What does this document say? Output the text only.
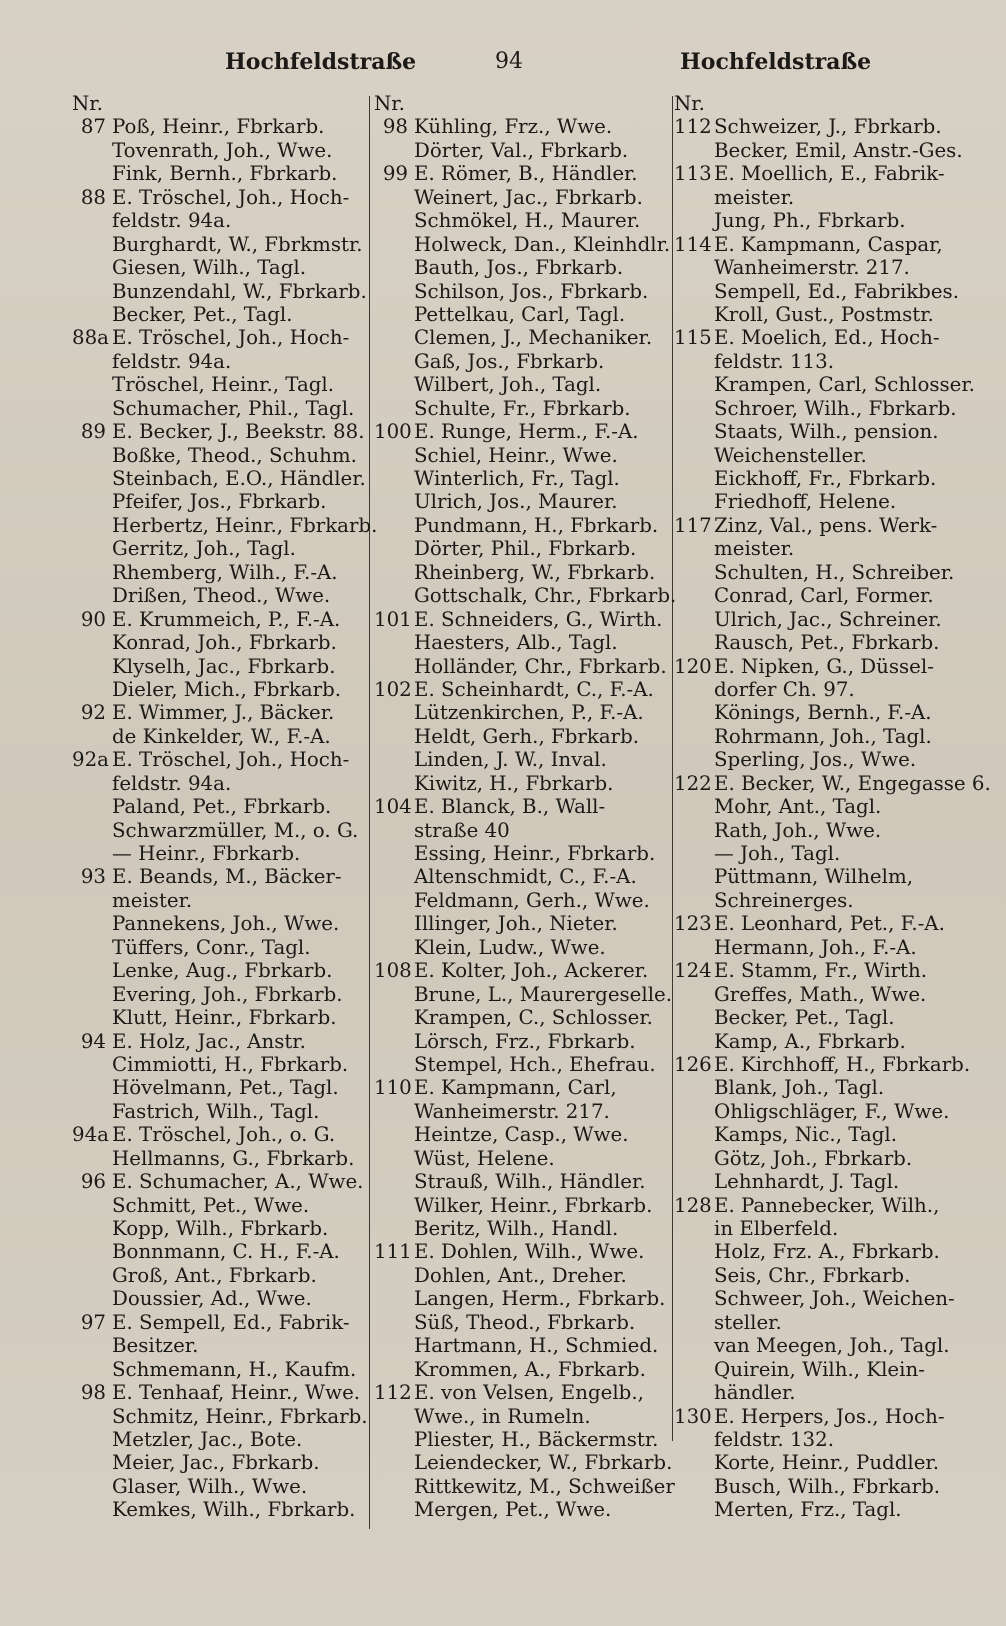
Hochfeldstraße	94	Hochfeldstraße
Nr.
87 Poß, Heinr., Fbrkarb.
Tovenrath, Joh., Wwe.
Fink, Bernh., Fbrkarb.
88 E. Tröschel, Joh., Hoch-
feldstr. 94a.
Burghardt, W., Fbrkmstr.
Giesen, Wilh., Tagl.
Bunzendahl, W., Fbrkarb.
Becker, Pet., Tagl.
88a E. Tröschel, Joh., Hoch-
feldstr. 94a.
Tröschel, Heinr., Tagl.
Schumacher, Phil., Tagl.
89 E. Becker, J., Beekstr. 88.
Boßke, Theod., Schuhm.
Steinbach, E.O., Händler.
Pfeifer, Jos., Fbrkarb.
Herbertz, Heinr., Fbrkarb.
Gerritz, Joh., Tagl.
Rhemberg, Wilh., F.-A.
Drißen, Theod., Wwe.
90 E. Krummeich, P., F.-A.
Konrad, Joh., Fbrkarb.
Klyselh, Jac., Fbrkarb.
Dieler, Mich., Fbrkarb.
92 E. Wimmer, J., Bäcker.
de Kinkelder, W., F.-A.
92a E. Tröschel, Joh., Hoch-
feldstr. 94a.
Paland, Pet., Fbrkarb.
Schwarzmüller, M., o. G.
— Heinr., Fbrkarb.
93 E. Beands, M., Bäcker-
meister.
Pannekens, Joh., Wwe.
Tüffers, Conr., Tagl.
Lenke, Aug., Fbrkarb.
Evering, Joh., Fbrkarb.
Klutt, Heinr., Fbrkarb.
94 E. Holz, Jac., Anstr.
Cimmiotti, H., Fbrkarb.
Hövelmann, Pet., Tagl.
Fastrich, Wilh., Tagl.
94a E. Tröschel, Joh., o. G.
Hellmanns, G., Fbrkarb.
96 E. Schumacher, A., Wwe.
Schmitt, Pet., Wwe.
Kopp, Wilh., Fbrkarb.
Bonnmann, C. H., F.-A.
Groß, Ant., Fbrkarb.
Doussier, Ad., Wwe.
97 E. Sempell, Ed., Fabrik-
Besitzer.
Schmemann, H., Kaufm.
98 E. Tenhaaf, Heinr., Wwe.
Schmitz, Heinr., Fbrkarb.
Metzler, Jac., Bote.
Meier, Jac., Fbrkarb.
Glaser, Wilh., Wwe.
Kemkes, Wilh., Fbrkarb.
Nr.
98 Kühling, Frz., Wwe.
Dörter, Val., Fbrkarb.
99 E. Römer, B., Händler.
Weinert, Jac., Fbrkarb.
Schmökel, H., Maurer.
Holweck, Dan., Kleinhdlr.
Bauth, Jos., Fbrkarb.
Schilson, Jos., Fbrkarb.
Pettelkau, Carl, Tagl.
Clemen, J., Mechaniker.
Gaß, Jos., Fbrkarb.
Wilbert, Joh., Tagl.
Schulte, Fr., Fbrkarb.
100 E. Runge, Herm., F.-A.
Schiel, Heinr., Wwe.
Winterlich, Fr., Tagl.
Ulrich, Jos., Maurer.
Pundmann, H., Fbrkarb.
Dörter, Phil., Fbrkarb.
Rheinberg, W., Fbrkarb.
Gottschalk, Chr., Fbrkarb.
101 E. Schneiders, G., Wirth.
Haesters, Alb., Tagl.
Holländer, Chr., Fbrkarb.
102 E. Scheinhardt, C., F.-A.
Lützenkirchen, P., F.-A.
Heldt, Gerh., Fbrkarb.
Linden, J. W., Inval.
Kiwitz, H., Fbrkarb.
104 E. Blanck, B., Wall-
straße 40
Essing, Heinr., Fbrkarb.
Altenschmidt, C., F.-A.
Feldmann, Gerh., Wwe.
Illinger, Joh., Nieter.
Klein, Ludw., Wwe.
108 E. Kolter, Joh., Ackerer.
Brune, L., Maurergeselle.
Krampen, C., Schlosser.
Lörsch, Frz., Fbrkarb.
Stempel, Hch., Ehefrau.
110 E. Kampmann, Carl,
Wanheimerstr. 217.
Heintze, Casp., Wwe.
Wüst, Helene.
Strauß, Wilh., Händler.
Wilker, Heinr., Fbrkarb.
Beritz, Wilh., Handl.
111 E. Dohlen, Wilh., Wwe.
Dohlen, Ant., Dreher.
Langen, Herm., Fbrkarb.
Süß, Theod., Fbrkarb.
Hartmann, H., Schmied.
Krommen, A., Fbrkarb.
112 E. von Velsen, Engelb.,
Wwe., in Rumeln.
Pliester, H., Bäckermstr.
Leiendecker, W., Fbrkarb.
Rittkewitz, M., Schweißer
Mergen, Pet., Wwe.
Nr.
112 Schweizer, J., Fbrkarb.
Becker, Emil, Anstr.-Ges.
113 E. Moellich, E., Fabrik-
meister.
Jung, Ph., Fbrkarb.
114 E. Kampmann, Caspar,
Wanheimerstr. 217.
Sempell, Ed., Fabrikbes.
Kroll, Gust., Postmstr.
115 E. Moelich, Ed., Hoch-
feldstr. 113.
Krampen, Carl, Schlosser.
Schroer, Wilh., Fbrkarb.
Staats, Wilh., pension.
Weichensteller.
Eickhoff, Fr., Fbrkarb.
Friedhoff, Helene.
117 Zinz, Val., pens. Werk-
meister.
Schulten, H., Schreiber.
Conrad, Carl, Former.
Ulrich, Jac., Schreiner.
Rausch, Pet., Fbrkarb.
120 E. Nipken, G., Düssel-
dorfer Ch. 97.
Könings, Bernh., F.-A.
Rohrmann, Joh., Tagl.
Sperling, Jos., Wwe.
122 E. Becker, W., Engegasse 6.
Mohr, Ant., Tagl.
Rath, Joh., Wwe.
— Joh., Tagl.
Püttmann, Wilhelm,
Schreinerges.
123 E. Leonhard, Pet., F.-A.
Hermann, Joh., F.-A.
124 E. Stamm, Fr., Wirth.
Greffes, Math., Wwe.
Becker, Pet., Tagl.
Kamp, A., Fbrkarb.
126 E. Kirchhoff, H., Fbrkarb.
Blank, Joh., Tagl.
Ohligschläger, F., Wwe.
Kamps, Nic., Tagl.
Götz, Joh., Fbrkarb.
Lehnhardt, J. Tagl.
128 E. Pannebecker, Wilh.,
in Elberfeld.
Holz, Frz. A., Fbrkarb.
Seis, Chr., Fbrkarb.
Schweer, Joh., Weichen-
steller.
van Meegen, Joh., Tagl.
Quirein, Wilh., Klein-
händler.
130 E. Herpers, Jos., Hoch-
feldstr. 132.
Korte, Heinr., Puddler.
Busch, Wilh., Fbrkarb.
Merten, Frz., Tagl.
